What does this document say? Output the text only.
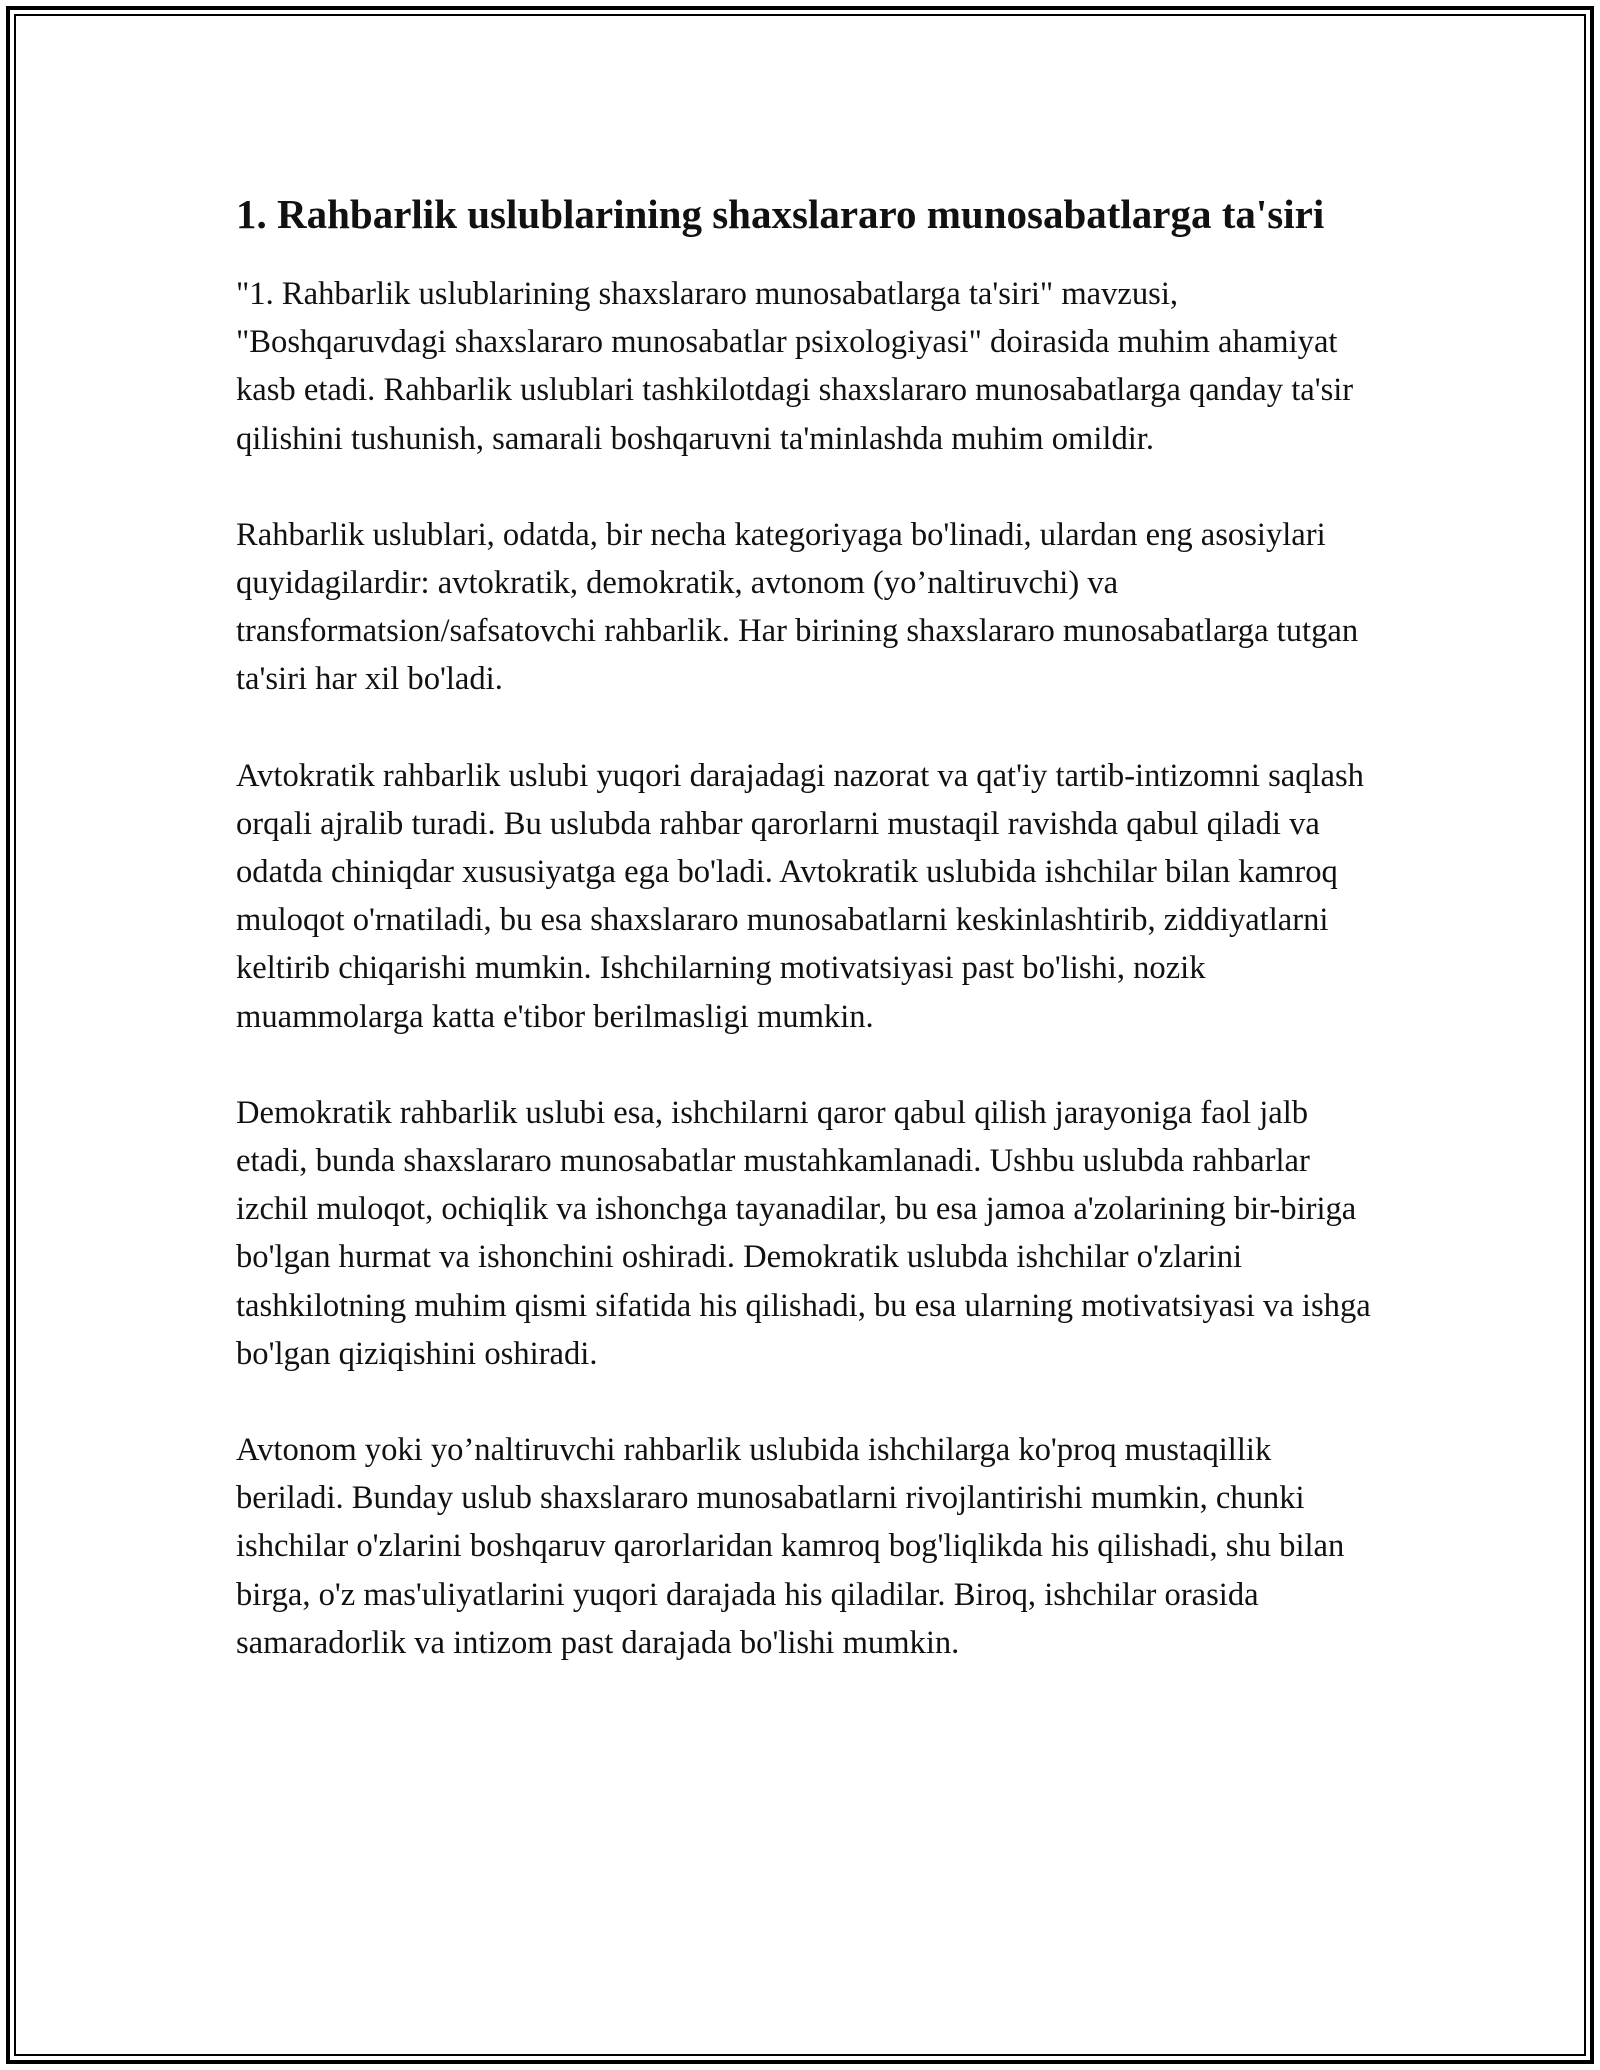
1. Rahbarlik uslublarining shaxslararo munosabatlarga ta'siri

"1. Rahbarlik uslublarining shaxslararo munosabatlarga ta'siri" mavzusi, "Boshqaruvdagi shaxslararo munosabatlar psixologiyasi" doirasida muhim ahamiyat kasb etadi. Rahbarlik uslublari tashkilotdagi shaxslararo munosabatlarga qanday ta'sir qilishini tushunish, samarali boshqaruvni ta'minlashda muhim omildir.

Rahbarlik uslublari, odatda, bir necha kategoriyaga bo'linadi, ulardan eng asosiylari quyidagilardir: avtokratik, demokratik, avtonom (yo’naltiruvchi) va transformatsion/safsatovchi rahbarlik. Har birining shaxslararo munosabatlarga tutgan ta'siri har xil bo'ladi.

Avtokratik rahbarlik uslubi yuqori darajadagi nazorat va qat'iy tartib-intizomni saqlash orqali ajralib turadi. Bu uslubda rahbar qarorlarni mustaqil ravishda qabul qiladi va odatda chiniqdar xususiyatga ega bo'ladi. Avtokratik uslubida ishchilar bilan kamroq muloqot o'rnatiladi, bu esa shaxslararo munosabatlarni keskinlashtirib, ziddiyatlarni keltirib chiqarishi mumkin. Ishchilarning motivatsiyasi past bo'lishi, nozik muammolarga katta e'tibor berilmasligi mumkin.

Demokratik rahbarlik uslubi esa, ishchilarni qaror qabul qilish jarayoniga faol jalb etadi, bunda shaxslararo munosabatlar mustahkamlanadi. Ushbu uslubda rahbarlar izchil muloqot, ochiqlik va ishonchga tayanadilar, bu esa jamoa a'zolarining bir-biriga bo'lgan hurmat va ishonchini oshiradi. Demokratik uslubda ishchilar o'zlarini tashkilotning muhim qismi sifatida his qilishadi, bu esa ularning motivatsiyasi va ishga bo'lgan qiziqishini oshiradi.

Avtonom yoki yo’naltiruvchi rahbarlik uslubida ishchilarga ko'proq mustaqillik beriladi. Bunday uslub shaxslararo munosabatlarni rivojlantirishi mumkin, chunki ishchilar o'zlarini boshqaruv qarorlaridan kamroq bog'liqlikda his qilishadi, shu bilan birga, o'z mas'uliyatlarini yuqori darajada his qiladilar. Biroq, ishchilar orasida samaradorlik va intizom past darajada bo'lishi mumkin.
